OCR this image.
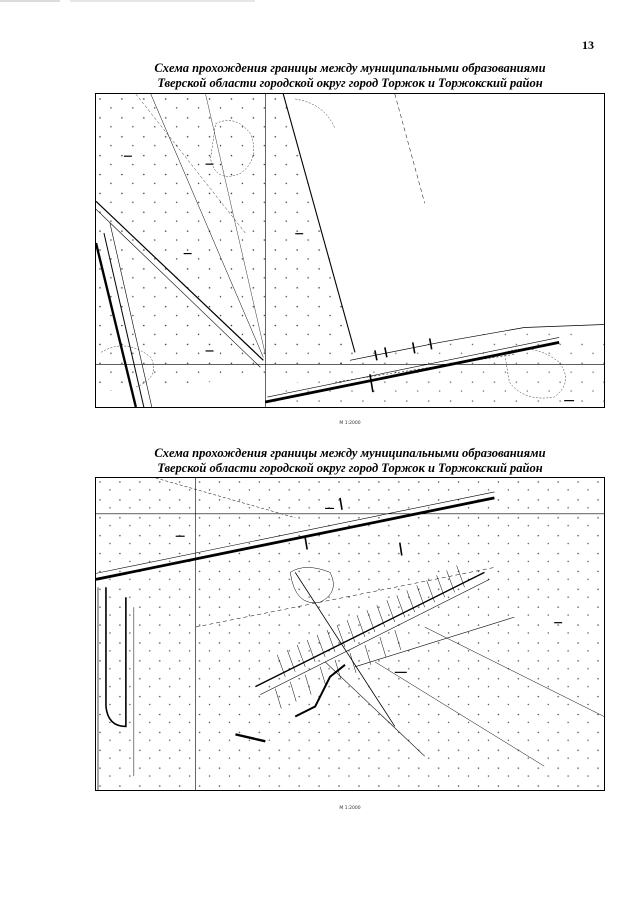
13
Схема прохождения границы между муниципальными образованиями
Тверской области городской округ город Торжок и Торжокский район
М 1:2000
Схема прохождения границы между муниципальными образованиями
Тверской области городской округ город Торжок и Торжокский район
М 1:2000
